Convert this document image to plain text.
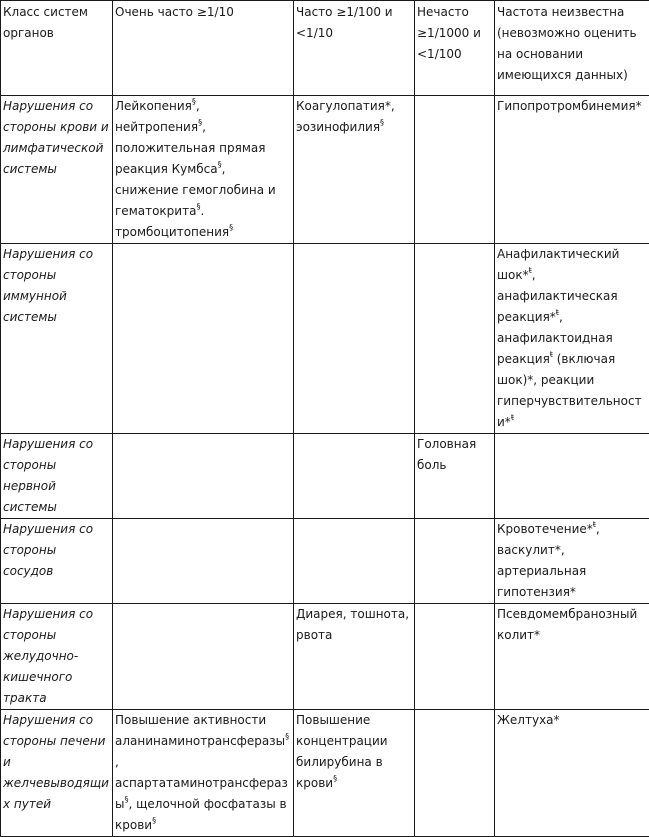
Класс систем органов	Очень часто ≥1/10	Часто ≥1/100 и <1/10	Нечасто ≥1/1000 и <1/100	Частота неизвестна (невозможно оценить на основании имеющихся данных)
Нарушения со стороны крови и лимфатической системы	Лейкопения§, нейтропения§, положительная прямая реакция Кумбса§, снижение гемоглобина и гематокрита§. тромбоцитопения§	Коагулопатия*, эозинофилия§		Гипопротромбинемия*
Нарушения со стороны иммунной системы				Анафилактический шок*$^ŧ$, анафилактическая реакция*$^ŧ$, анафилактоидная реакция$^ŧ$ (включая шок)*, реакции гиперчувствительности*$^ŧ$
Нарушения со стороны нервной системы			Головная боль	
Нарушения со стороны сосудов				Кровотечение*$^ŧ$, васкулит*, артериальная гипотензия*
Нарушения со стороны желудочно-кишечного тракта		Диарея, тошнота, рвота		Псевдомембранозный колит*
Нарушения со стороны печени и желчевыводящих путей	Повышение активности аланинаминотрансферазы§, аспартатаминотрансферазы§, щелочной фосфатазы в крови§	Повышение концентрации билирубина в крови§		Желтуха*
